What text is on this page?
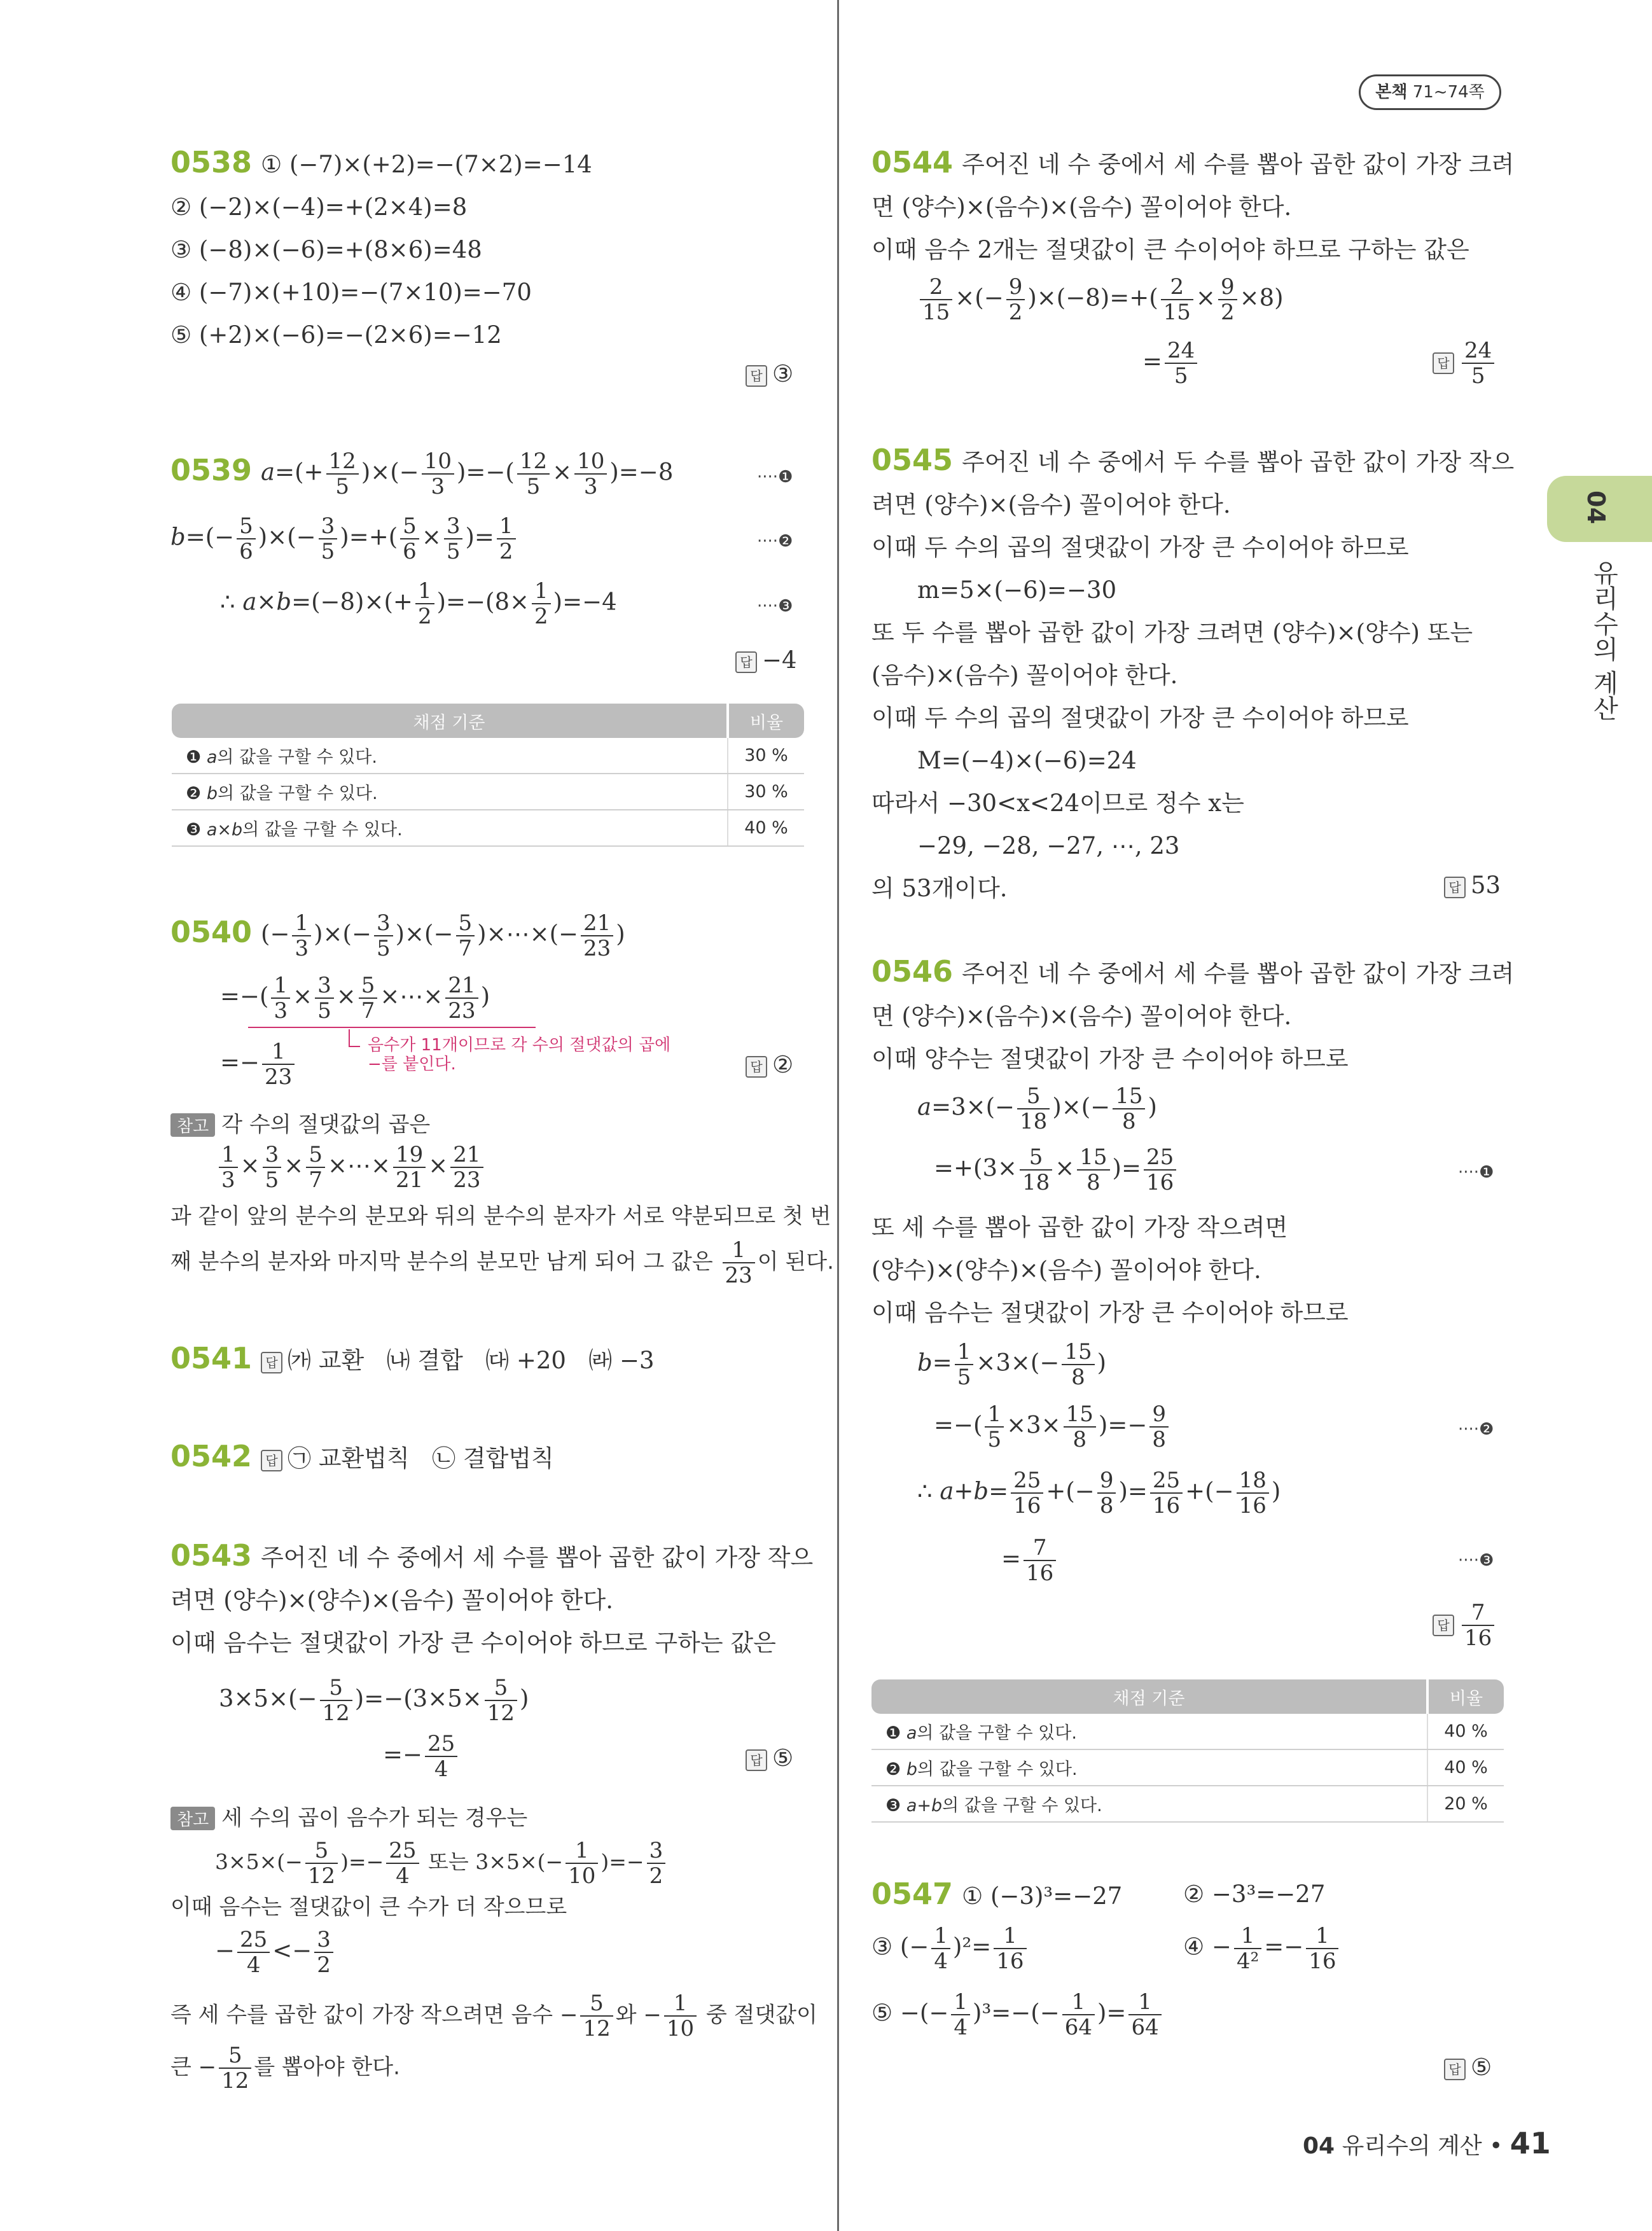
본책 71~74쪽
04
유리수의 계산
0538 ① (−7)×(+2)=−(7×2)=−14
② (−2)×(−4)=+(2×4)=8
③ (−8)×(−6)=+(8×6)=48
④ (−7)×(+10)=−(7×10)=−70
⑤ (+2)×(−6)=−(2×6)=−12
답 ③
0539 $a=(+ \frac{12}{5}$ )×(− $\frac{10}{3}$ )=−( $\frac{12}{5} \times \frac{10}{3} )=-8$	····❶
$b=(- \frac{5}{6}$ )×(− $\frac{3}{5}$ )=+( $\frac{5}{6} \times \frac{3}{5}$ )= $\frac{1}{2}$	····❷
∴ $a\times b=(-8)\times(+ \frac{1}{2} )=-(8\times \frac{1}{2} )=-4$	····❸
답 −4
채점 기준	비율
❶ a의 값을 구할 수 있다.	30 %
❷ b의 값을 구할 수 있다.	30 %
❸ a×b의 값을 구할 수 있다.	40 %
0540 (− $\frac{1}{3}$ )×(− $\frac{3}{5}$ )×(− $\frac{5}{7}$ )×⋯×(− $\frac{21}{23}$ )
=−( $\frac{1}{3} \times \frac{3}{5} \times \frac{5}{7}$ ×⋯× $\frac{21}{23}$ )
음수가 11개이므로 각 수의 절댓값의 곱에
−를 붙인다.
=− $\frac{1}{23}$	답 ②
참고 각 수의 절댓값의 곱은
$\frac{1}{3} \times \frac{3}{5} \times \frac{5}{7}$ ×⋯× $\frac{19}{21} \times \frac{21}{23}$
과 같이 앞의 분수의 분모와 뒤의 분수의 분자가 서로 약분되므로 첫 번
째 분수의 분자와 마지막 분수의 분모만 남게 되어 그 값은 $\frac{1}{23}$ 이 된다.
0541 답 ㈎ 교환 ㈏ 결합 ㈐ +20 ㈑ −3
0542 답 ㉠ 교환법칙 ㉡ 결합법칙
0543 주어진 네 수 중에서 세 수를 뽑아 곱한 값이 가장 작으
려면 (양수)×(양수)×(음수) 꼴이어야 한다.
이때 음수는 절댓값이 가장 큰 수이어야 하므로 구하는 값은
$3\times 5\times(- \frac{5}{12} )=-(3\times 5\times \frac{5}{12}$ )
=− $\frac{25}{4}$	답 ⑤
참고 세 수의 곱이 음수가 되는 경우는
$3\times 5\times(- \frac{5}{12}$ )=− $\frac{25}{4}$ 또는 $3\times 5\times(- \frac{1}{10}$ )=− $\frac{3}{2}$
이때 음수는 절댓값이 큰 수가 더 작으므로
− $\frac{25}{4} <- \frac{3}{2}$
즉 세 수를 곱한 값이 가장 작으려면 음수 − $\frac{5}{12}$ 와 − $\frac{1}{10}$ 중 절댓값이
큰 − $\frac{5}{12}$ 를 뽑아야 한다.
0544 주어진 네 수 중에서 세 수를 뽑아 곱한 값이 가장 크려
면 (양수)×(음수)×(음수) 꼴이어야 한다.
이때 음수 2개는 절댓값이 큰 수이어야 하므로 구하는 값은
$\frac{2}{15}$ ×(− $\frac{9}{2} )\times(-8)=+( \frac{2}{15} \times \frac{9}{2} \times 8)$
= $\frac{24}{5}$	답 $\frac{24}{5}$
0545 주어진 네 수 중에서 두 수를 뽑아 곱한 값이 가장 작으
려면 (양수)×(음수) 꼴이어야 한다.
이때 두 수의 곱의 절댓값이 가장 큰 수이어야 하므로
m=5×(−6)=−30
또 두 수를 뽑아 곱한 값이 가장 크려면 (양수)×(양수) 또는
(음수)×(음수) 꼴이어야 한다.
이때 두 수의 곱의 절댓값이 가장 큰 수이어야 하므로
M=(−4)×(−6)=24
따라서 −30<x<24이므로 정수 x는
−29, −28, −27, ⋯, 23
의 53개이다.	답 53
0546 주어진 네 수 중에서 세 수를 뽑아 곱한 값이 가장 크려
면 (양수)×(음수)×(음수) 꼴이어야 한다.
이때 양수는 절댓값이 가장 큰 수이어야 하므로
$a=3\times(- \frac{5}{18}$ )×(− $\frac{15}{8}$ )
$=+(3\times \frac{5}{18} \times \frac{15}{8}$ )= $\frac{25}{16}$	····❶
또 세 수를 뽑아 곱한 값이 가장 작으려면
(양수)×(양수)×(음수) 꼴이어야 한다.
이때 음수는 절댓값이 가장 큰 수이어야 하므로
$b= \frac{1}{5} \times 3\times(- \frac{15}{8}$ )
=−( $\frac{1}{5} \times 3\times \frac{15}{8}$ )=− $\frac{9}{8}$	····❷
∴ $a+b= \frac{25}{16}$ +(− $\frac{9}{8}$ )= $\frac{25}{16}$ +(− $\frac{18}{16}$ )
= $\frac{7}{16}$	····❸
답 $\frac{7}{16}$
채점 기준	비율
❶ a의 값을 구할 수 있다.	40 %
❷ b의 값을 구할 수 있다.	40 %
❸ a+b의 값을 구할 수 있다.	20 %
0547 ① (−3)³=−27	② −3³=−27
③ (− $\frac{1}{4} )^2= \frac{1}{16}$	④ − $\frac{1}{\text{4²}} =- \frac{1}{16}$
⑤ −(− $\frac{1}{4} )^3=-(- \frac{1}{64}$ )= $\frac{1}{64}$
답 ⑤
04 유리수의 계산 • 41
